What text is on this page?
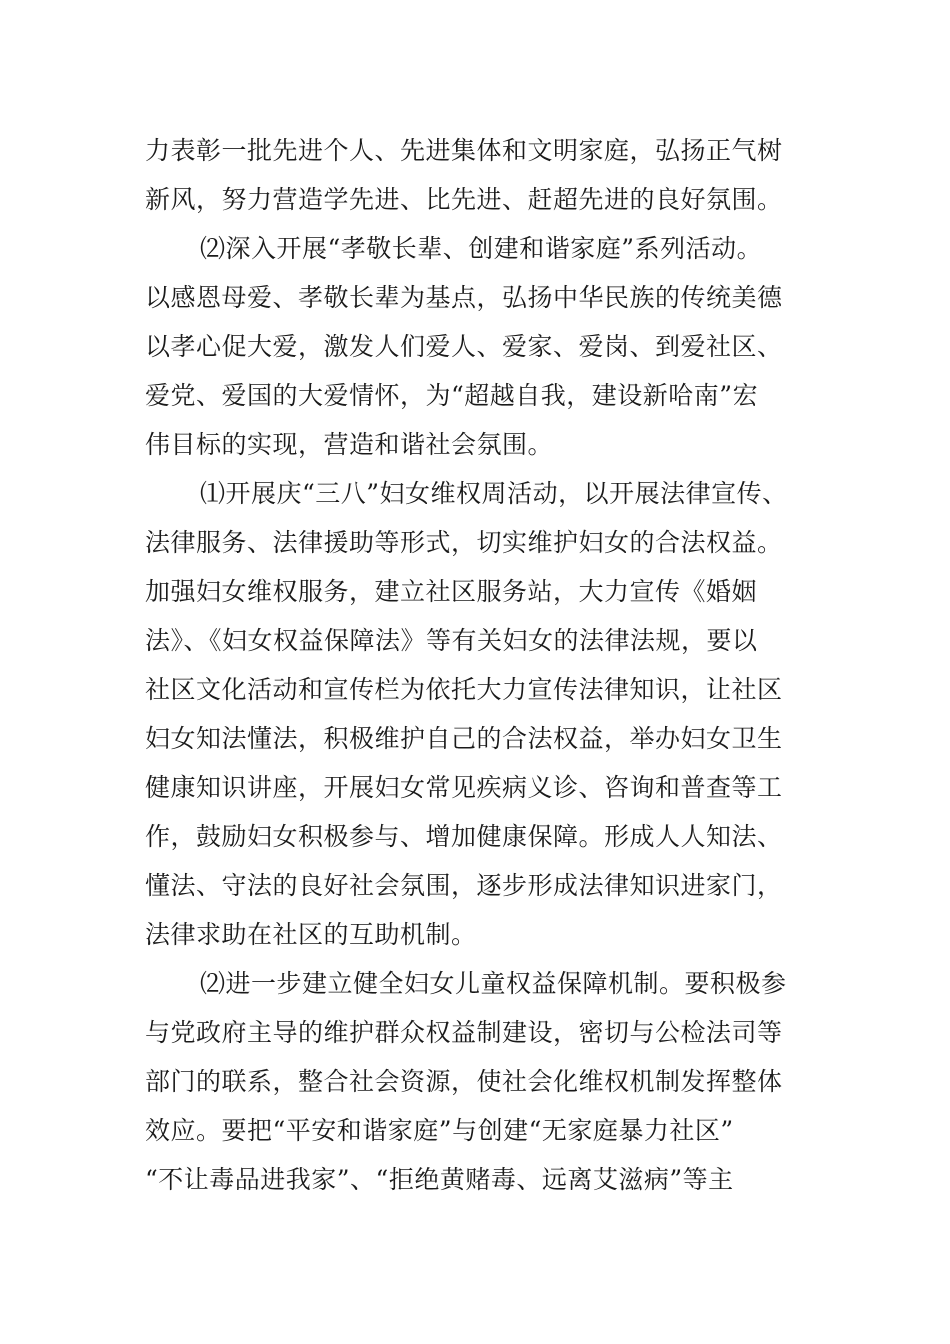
力表彰一批先进个人、先进集体和文明家庭，弘扬正气树

新风，努力营造学先进、比先进、赶超先进的良好氛围。

⑵深入开展“孝敬长辈、创建和谐家庭”系列活动。

以感恩母爱、孝敬长辈为基点，弘扬中华民族的传统美德

以孝心促大爱，激发人们爱人、爱家、爱岗、到爱社区、

爱党、爱国的大爱情怀，为“超越自我，建设新哈南”宏

伟目标的实现，营造和谐社会氛围。

⑴开展庆“三八”妇女维权周活动，以开展法律宣传、

法律服务、法律援助等形式，切实维护妇女的合法权益。

加强妇女维权服务，建立社区服务站，大力宣传《婚姻

法》、《妇女权益保障法》等有关妇女的法律法规，要以

社区文化活动和宣传栏为依托大力宣传法律知识，让社区

妇女知法懂法，积极维护自己的合法权益，举办妇女卫生

健康知识讲座，开展妇女常见疾病义诊、咨询和普查等工

作，鼓励妇女积极参与、增加健康保障。形成人人知法、

懂法、守法的良好社会氛围，逐步形成法律知识进家门，

法律求助在社区的互助机制。

⑵进一步建立健全妇女儿童权益保障机制。要积极参

与党政府主导的维护群众权益制建设，密切与公检法司等

部门的联系，整合社会资源，使社会化维权机制发挥整体

效应。要把“平安和谐家庭”与创建“无家庭暴力社区”

“不让毒品进我家”、“拒绝黄赌毒、远离艾滋病”等主
